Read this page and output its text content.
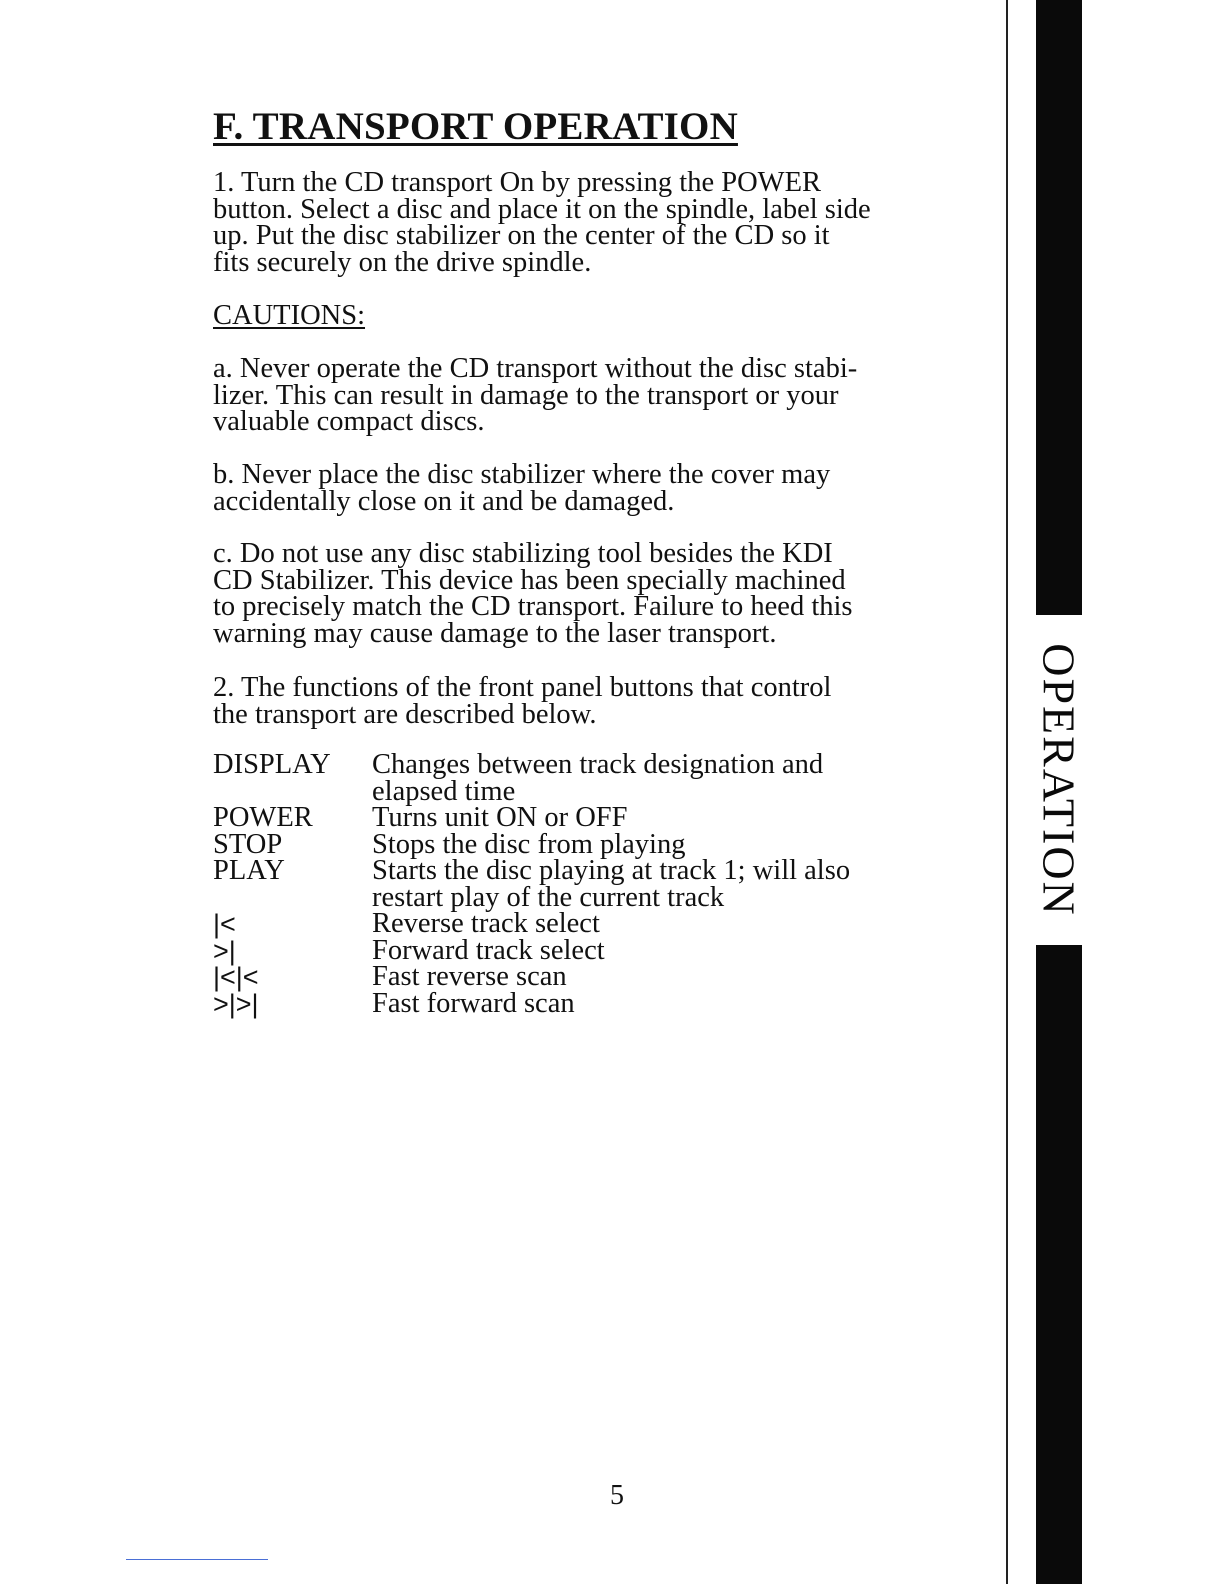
F. TRANSPORT OPERATION

1. Turn the CD transport On by pressing the POWER
button. Select a disc and place it on the spindle, label side
up. Put the disc stabilizer on the center of the CD so it
fits securely on the drive spindle.

CAUTIONS:

a. Never operate the CD transport without the disc stabi-
lizer. This can result in damage to the transport or your
valuable compact discs.

b. Never place the disc stabilizer where the cover may
accidentally close on it and be damaged.

c. Do not use any disc stabilizing tool besides the KDI
CD Stabilizer. This device has been specially machined
to precisely match the CD transport. Failure to heed this
warning may cause damage to the laser transport.

2. The functions of the front panel buttons that control
the transport are described below.

DISPLAY	Changes between track designation and
elapsed time
POWER	Turns unit ON or OFF
STOP	Stops the disc from playing
PLAY	Starts the disc playing at track 1; will also
restart play of the current track
|<	Reverse track select
>|	Forward track select
|<|<	Fast reverse scan
>|>|	Fast forward scan
5
OPERATION
